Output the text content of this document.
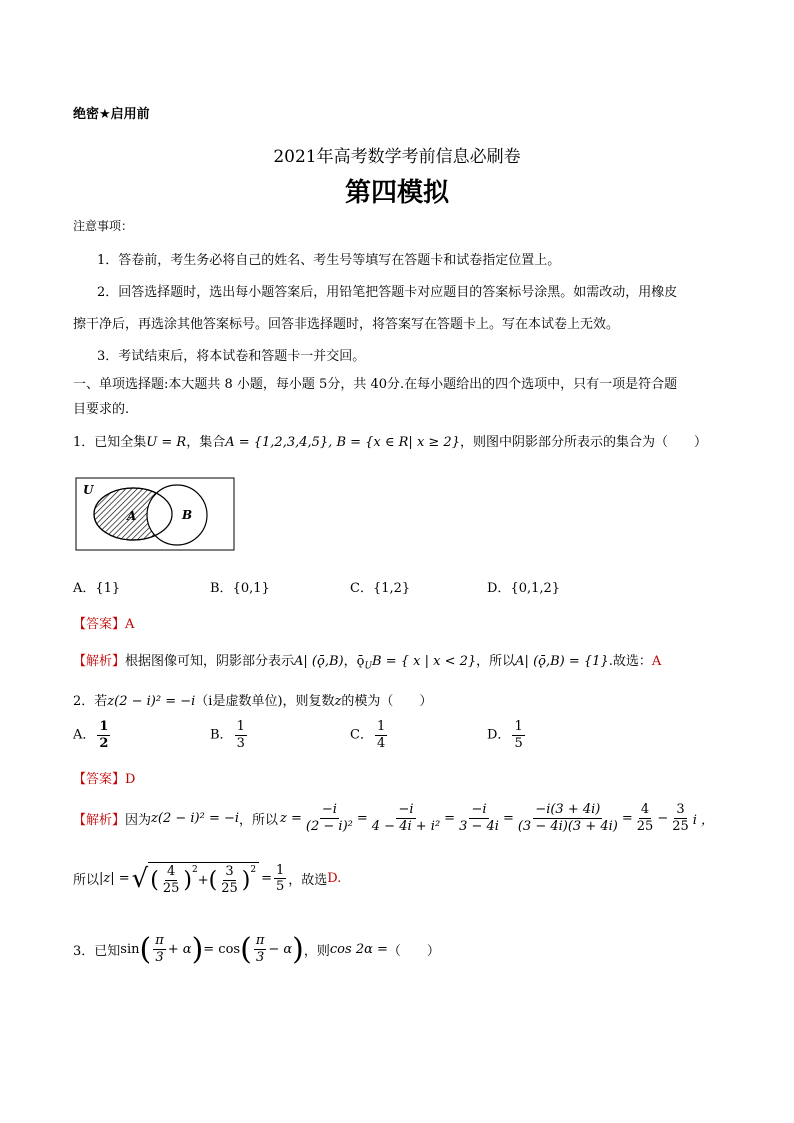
绝密★启用前
2021年高考数学考前信息必刷卷
第四模拟
注意事项：
1．答卷前，考生务必将自己的姓名、考生号等填写在答题卡和试卷指定位置上。
2．回答选择题时，选出每小题答案后，用铅笔把答题卡对应题目的答案标号涂黑。如需改动，用橡皮
擦干净后，再选涂其他答案标号。回答非选择题时，将答案写在答题卡上。写在本试卷上无效。
3．考试结束后，将本试卷和答题卡一并交回。
一、单项选择题:本大题共 8 小题，每小题 5分，共 40分.在每小题给出的四个选项中，只有一项是符合题
目要求的.
1．已知全集U = R，集合A = {1,2,3,4,5}, B = {x ∈ R| x ≥ 2}，则图中阴影部分所表示的集合为（　　）
U
A	B
A．{1}	B．{0,1}	C．{1,2}	D．{0,1,2}
【答案】A
【解析】根据图像可知，阴影部分表示A| (ǭ,B)，$ǭ_UB$ = { x | x < 2}，所以A| (ǭ,B) = {1}.故选：A
2．若z(2 − i)² = −i（i是虚数单位)，则复数z的模为（　　）
A． $\frac{1}{2}$	B． $\frac{1}{3}$	C． $\frac{1}{4}$	D． $\frac{1}{5}$
【答案】D
【解析】 因为 z(2 − i)² = −i ，所以 $z = \frac{-i}{\text{(2 − i)²}} = \frac{-i}{\text{4 − 4i + i²}} = \frac{-i}{3 - 4i} = \frac{-i(3 + 4i)}{(3 - 4i)(3 + 4i)} = \frac{4}{25} - \frac{3}{25}$ i ，
所以 |z| = √ ( $\frac{4}{25} )^2$
+ ( $\frac{3}{25} )^2$
= $\frac{1}{5}$ ，故选 D.
3．已知 sin ( $\frac{\pi}{3} + \alpha$ ) = cos ( $\frac{\pi}{3} - \alpha$ ) ，则 cos 2α = （　　）
